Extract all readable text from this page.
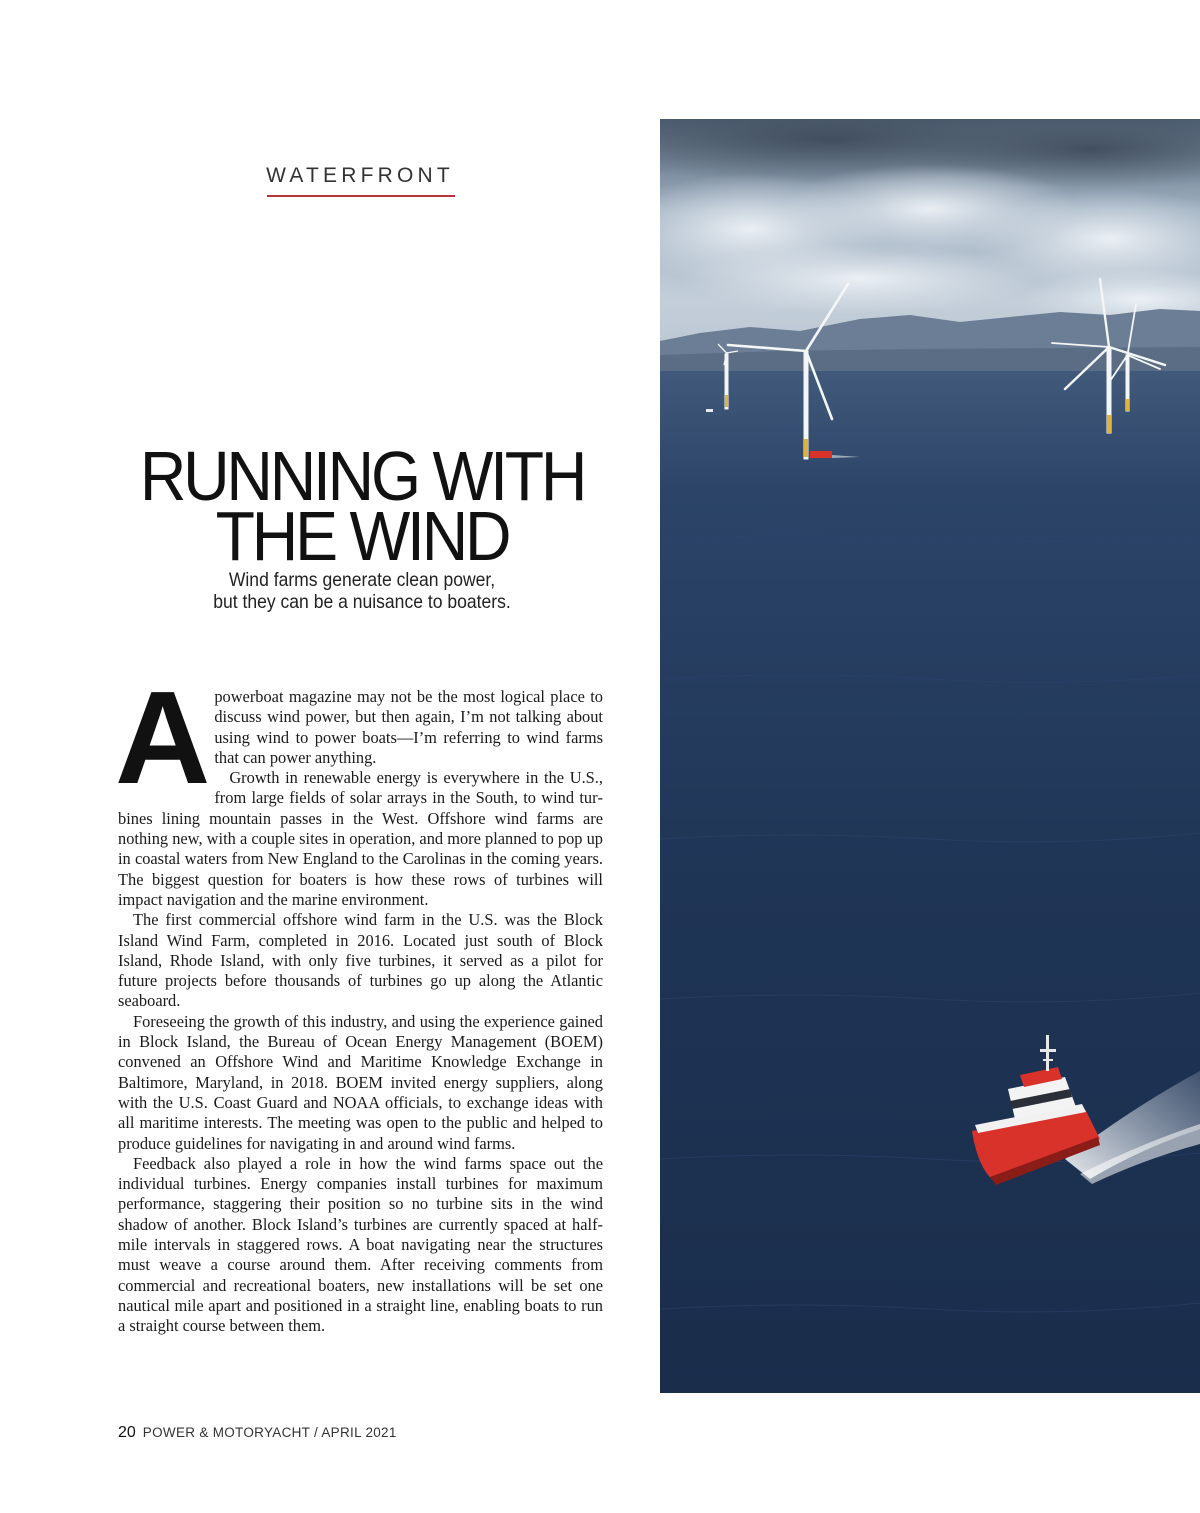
WATERFRONT
RUNNING WITH
THE WIND
Wind farms generate clean power,
but they can be a nuisance to boaters.

Apowerboat magazine may not be the most logical place to discuss wind power, but then again, I’m not talking about using wind to power boats—I’m referring to wind farms that can power anything.

Growth in renewable energy is everywhere in the U.S., from large fields of solar arrays in the South, to wind turbines lining mountain passes in the West. Offshore wind farms are nothing new, with a couple sites in operation, and more planned to pop up in coastal waters from New England to the Carolinas in the coming years. The biggest question for boaters is how these rows of turbines will impact navigation and the marine environment.

The first commercial offshore wind farm in the U.S. was the Block Island Wind Farm, completed in 2016. Located just south of Block Island, Rhode Island, with only five turbines, it served as a pilot for future projects before thousands of turbines go up along the Atlantic seaboard.

Foreseeing the growth of this industry, and using the experience gained in Block Island, the Bureau of Ocean Energy Management (BOEM) convened an Offshore Wind and Maritime Knowledge Exchange in Baltimore, Maryland, in 2018. BOEM invited energy suppliers, along with the U.S. Coast Guard and NOAA officials, to exchange ideas with all maritime interests. The meeting was open to the public and helped to produce guidelines for navigating in and around wind farms.

Feedback also played a role in how the wind farms space out the individual turbines. Energy companies install turbines for maximum performance, staggering their position so no turbine sits in the wind shadow of another. Block Island’s turbines are currently spaced at half-mile intervals in staggered rows. A boat navigating near the structures must weave a course around them. After receiving comments from commercial and recreational boaters, new installations will be set one nautical mile apart and positioned in a straight line, enabling boats to run a straight course between them.

20 POWER & MOTORYACHT / APRIL 2021
